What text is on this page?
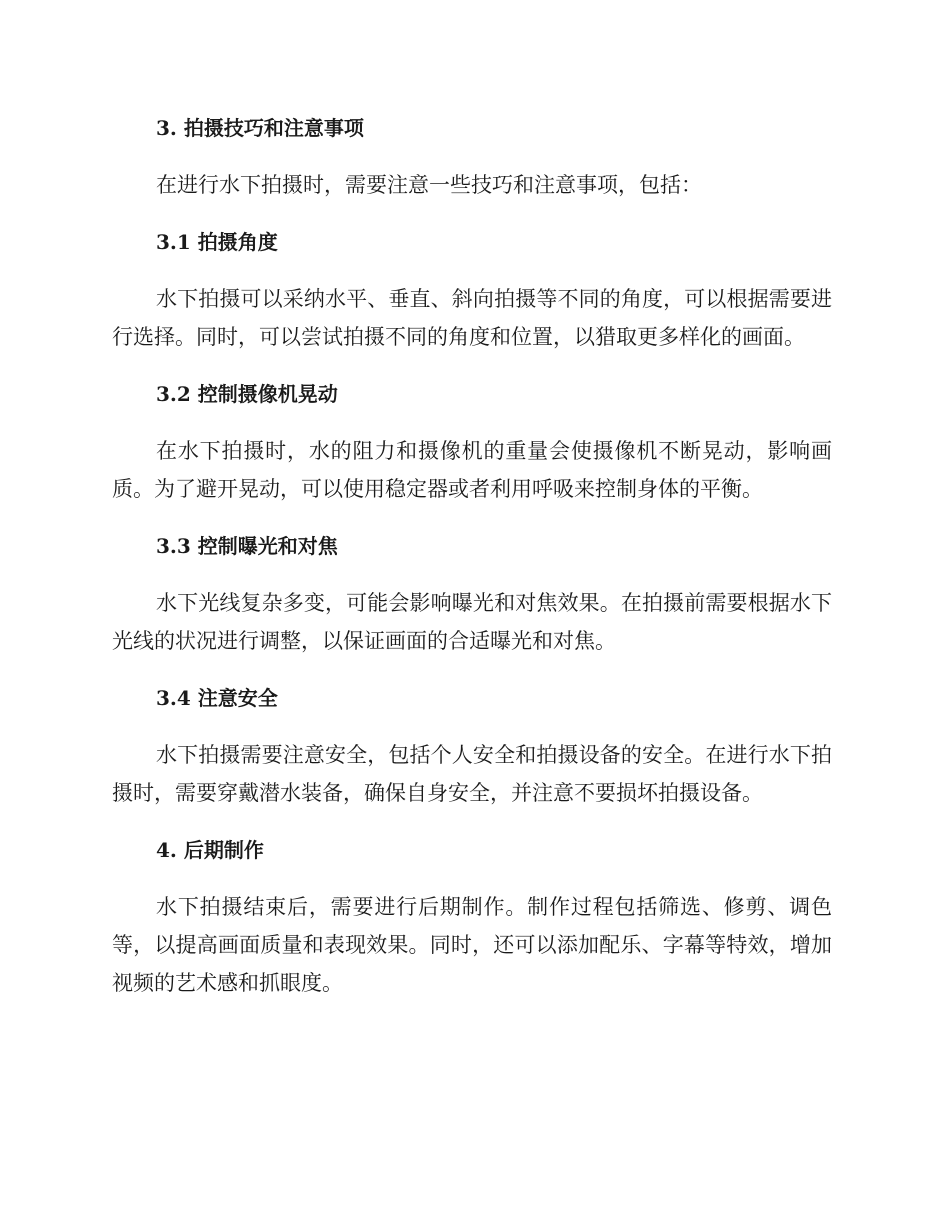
3. 拍摄技巧和注意事项

在进行水下拍摄时，需要注意一些技巧和注意事项，包括：

3.1 拍摄角度

水下拍摄可以采纳水平、垂直、斜向拍摄等不同的角度，可以根据需要进行选择。同时，可以尝试拍摄不同的角度和位置，以猎取更多样化的画面。

3.2 控制摄像机晃动

在水下拍摄时，水的阻力和摄像机的重量会使摄像机不断晃动，影响画质。为了避开晃动，可以使用稳定器或者利用呼吸来控制身体的平衡。

3.3 控制曝光和对焦

水下光线复杂多变，可能会影响曝光和对焦效果。在拍摄前需要根据水下光线的状况进行调整，以保证画面的合适曝光和对焦。

3.4 注意安全

水下拍摄需要注意安全，包括个人安全和拍摄设备的安全。在进行水下拍摄时，需要穿戴潜水装备，确保自身安全，并注意不要损坏拍摄设备。

4. 后期制作

水下拍摄结束后，需要进行后期制作。制作过程包括筛选、修剪、调色等，以提高画面质量和表现效果。同时，还可以添加配乐、字幕等特效，增加视频的艺术感和抓眼度。
